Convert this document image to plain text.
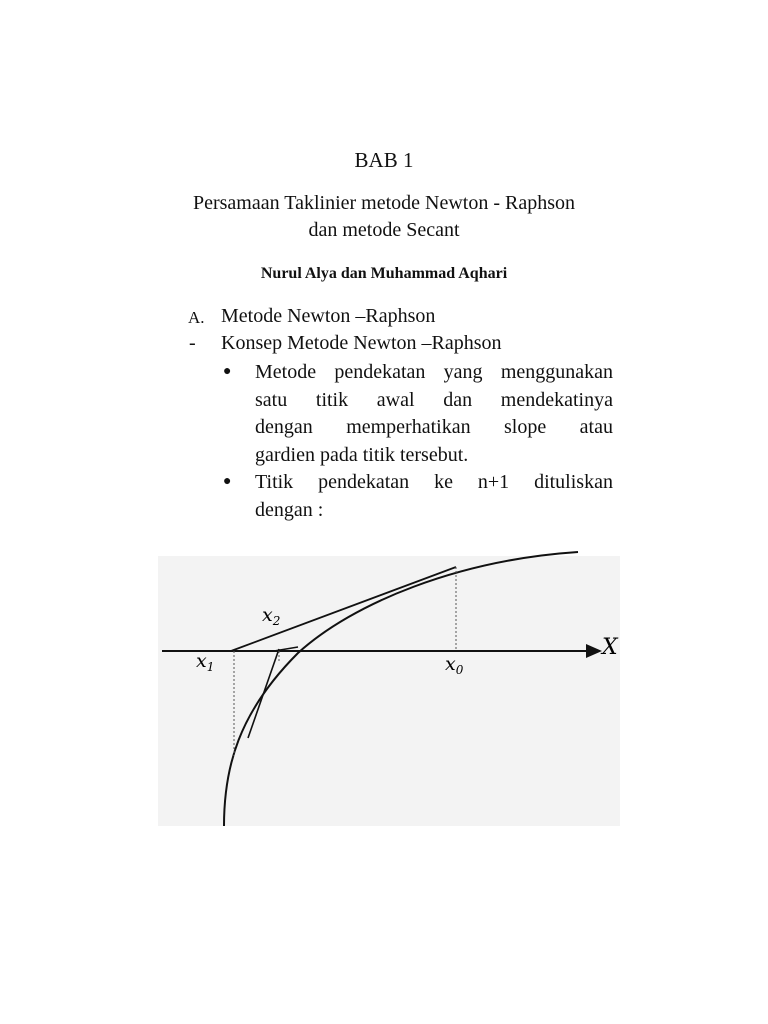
BAB 1
Persamaan Taklinier metode Newton - Raphson
dan metode Secant
Nurul Alya dan Muhammad Aqhari
A. Metode Newton –Raphson
- Konsep Metode Newton –Raphson
● Metode pendekatan yang menggunakan
satu titik awal dan mendekatinya
dengan memperhatikan slope atau
gardien pada titik tersebut.
● Titik pendekatan ke n+1 dituliskan
dengan :
$x_2$
$x_1$	$x_0$
X
